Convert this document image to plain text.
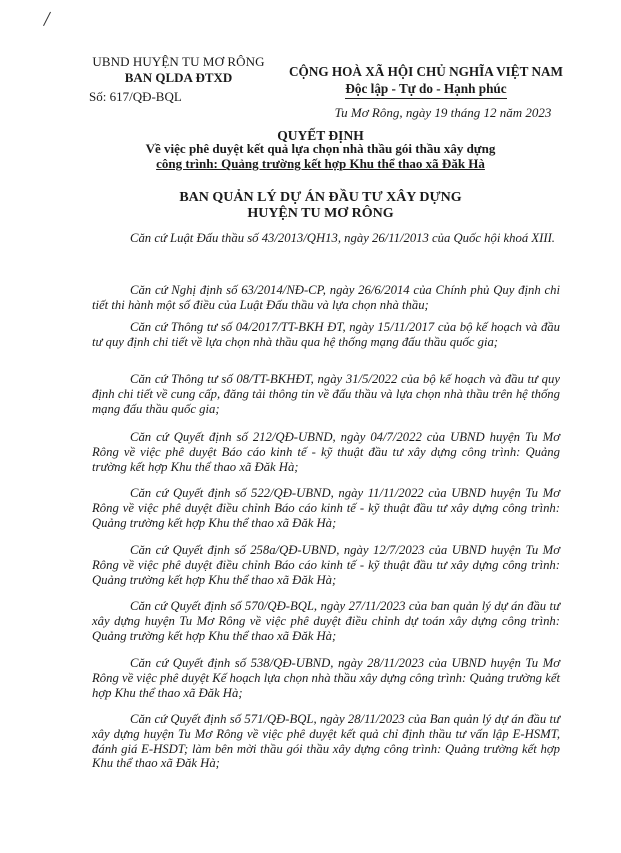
/
UBND HUYỆN TU MƠ RÔNG
BAN QLDA ĐTXD
Số: 617/QĐ-BQL
CỘNG HOÀ XÃ HỘI CHỦ NGHĨA VIỆT NAM
Độc lập - Tự do - Hạnh phúc
Tu Mơ Rông, ngày 19 tháng 12 năm 2023
QUYẾT ĐỊNH
Về việc phê duyệt kết quả lựa chọn nhà thầu gói thầu xây dựng
công trình: Quảng trường kết hợp Khu thể thao xã Đăk Hà
BAN QUẢN LÝ DỰ ÁN ĐẦU TƯ XÂY DỰNG
HUYỆN TU MƠ RÔNG
Căn cứ Luật Đấu thầu số 43/2013/QH13, ngày 26/11/2013 của Quốc hội khoá XIII.
Căn cứ Nghị định số 63/2014/NĐ-CP, ngày 26/6/2014 của Chính phủ Quy định chi tiết thi hành một số điều của Luật Đấu thầu và lựa chọn nhà thầu;
Căn cứ Thông tư số 04/2017/TT-BKH ĐT, ngày 15/11/2017 của bộ kế hoạch và đầu tư quy định chi tiết về lựa chọn nhà thầu qua hệ thống mạng đấu thầu quốc gia;
Căn cứ Thông tư số 08/TT-BKHĐT, ngày 31/5/2022 của bộ kế hoạch và đầu tư quy định chi tiết về cung cấp, đăng tải thông tin về đấu thầu và lựa chọn nhà thầu trên hệ thống mạng đấu thầu quốc gia;
Căn cứ Quyết định số 212/QĐ-UBND, ngày 04/7/2022 của UBND huyện Tu Mơ Rông về việc phê duyệt Báo cáo kinh tế - kỹ thuật đầu tư xây dựng công trình: Quảng trường kết hợp Khu thể thao xã Đăk Hà;
Căn cứ Quyết định số 522/QĐ-UBND, ngày 11/11/2022 của UBND huyện Tu Mơ Rông về việc phê duyệt điều chỉnh Báo cáo kinh tế - kỹ thuật đầu tư xây dựng công trình: Quảng trường kết hợp Khu thể thao xã Đăk Hà;
Căn cứ Quyết định số 258a/QĐ-UBND, ngày 12/7/2023 của UBND huyện Tu Mơ Rông về việc phê duyệt điều chỉnh Báo cáo kinh tế - kỹ thuật đầu tư xây dựng công trình: Quảng trường kết hợp Khu thể thao xã Đăk Hà;
Căn cứ Quyết định số 570/QĐ-BQL, ngày 27/11/2023 của ban quản lý dự án đầu tư xây dựng huyện Tu Mơ Rông về việc phê duyệt điều chỉnh dự toán xây dựng công trình: Quảng trường kết hợp Khu thể thao xã Đăk Hà;
Căn cứ Quyết định số 538/QĐ-UBND, ngày 28/11/2023 của UBND huyện Tu Mơ Rông về việc phê duyệt Kế hoạch lựa chọn nhà thầu xây dựng công trình: Quảng trường kết hợp Khu thể thao xã Đăk Hà;
Căn cứ Quyết định số 571/QĐ-BQL, ngày 28/11/2023 của Ban quản lý dự án đầu tư xây dựng huyện Tu Mơ Rông về việc phê duyệt kết quả chỉ định thầu tư vấn lập E-HSMT, đánh giá E-HSDT; làm bên mời thầu gói thầu xây dựng công trình: Quảng trường kết hợp Khu thể thao xã Đăk Hà;
